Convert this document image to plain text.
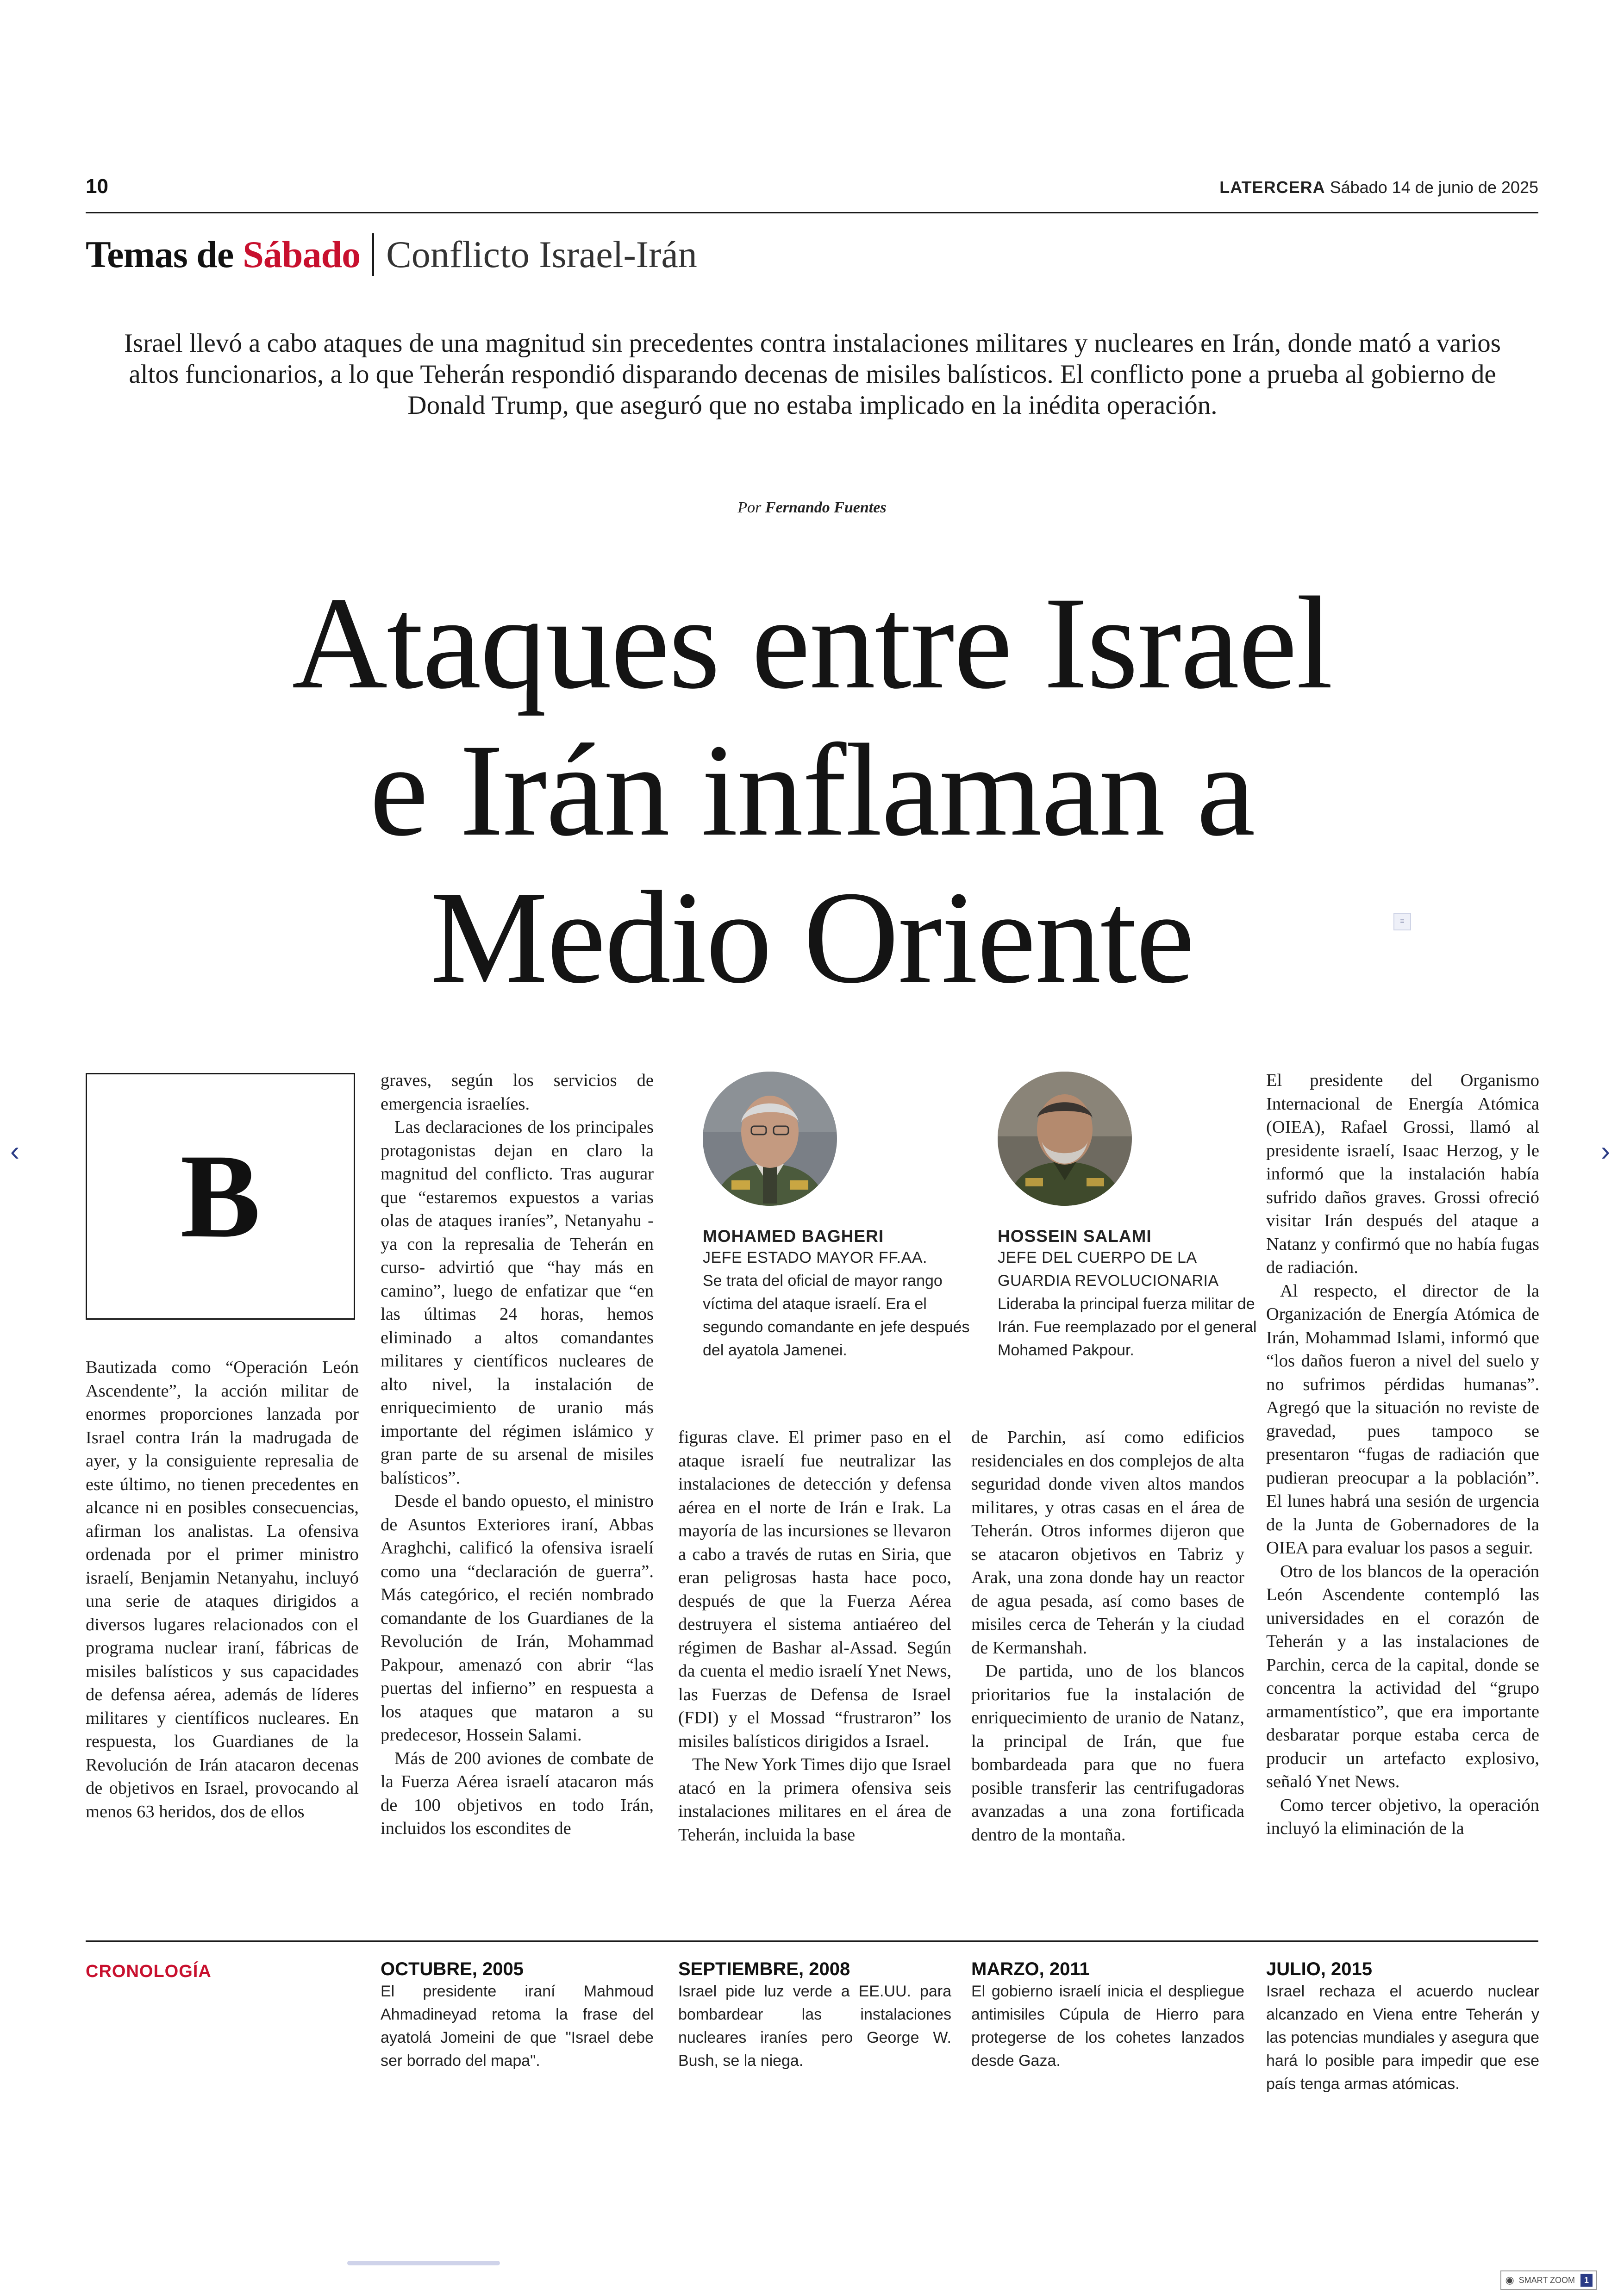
10	LATERCERA Sábado 14 de junio de 2025
Temas de Sábado Conflicto Israel-Irán
Israel llevó a cabo ataques de una magnitud sin precedentes contra instalaciones militares y nucleares en Irán, donde mató a varios altos funcionarios, a lo que Teherán respondió disparando decenas de misiles balísticos. El conflicto pone a prueba al gobierno de Donald Trump, que aseguró que no estaba implicado en la inédita operación.
Por Fernando Fuentes
Ataques entre Israel
e Irán inflaman a
Medio Oriente	≡
‹	›
B

Bautizada como “Operación León Ascendente”, la acción militar de enormes proporciones lanzada por Israel contra Irán la madrugada de ayer, y la consiguiente represalia de este último, no tienen precedentes en alcance ni en posibles consecuencias, afirman los analistas. La ofensiva ordenada por el primer ministro israelí, Benjamin Netanyahu, incluyó una serie de ataques dirigidos a diversos lugares relacionados con el programa nuclear iraní, fábricas de misiles balísticos y sus capacidades de defensa aérea, además de líderes militares y científicos nucleares. En respuesta, los Guardianes de la Revolución de Irán atacaron decenas de objetivos en Israel, provocando al menos 63 heridos, dos de ellos

graves, según los servicios de emergencia israelíes.

Las declaraciones de los principales protagonistas dejan en claro la magnitud del conflicto. Tras augurar que “estaremos expuestos a varias olas de ataques iraníes”, Netanyahu -ya con la represalia de Teherán en curso- advirtió que “hay más en camino”, luego de enfatizar que “en las últimas 24 horas, hemos eliminado a altos comandantes militares y científicos nucleares de alto nivel, la instalación de enriquecimiento de uranio más importante del régimen islámico y gran parte de su arsenal de misiles balísticos”.

Desde el bando opuesto, el ministro de Asuntos Exteriores iraní, Abbas Araghchi, calificó la ofensiva israelí como una “declaración de guerra”. Más categórico, el recién nombrado comandante de los Guardianes de la Revolución de Irán, Mohammad Pakpour, amenazó con abrir “las puertas del infierno” en respuesta a los ataques que mataron a su predecesor, Hossein Salami.

Más de 200 aviones de combate de la Fuerza Aérea israelí atacaron más de 100 objetivos en todo Irán, incluidos los escondites de

MOHAMED BAGHERI
JEFE ESTADO MAYOR FF.AA.
Se trata del oficial de mayor rango víctima del ataque israelí. Era el segundo comandante en jefe después del ayatola Jamenei.
HOSSEIN SALAMI
JEFE DEL CUERPO DE LA GUARDIA REVOLUCIONARIA
Lideraba la principal fuerza militar de Irán. Fue reemplazado por el general Mohamed Pakpour.

figuras clave. El primer paso en el ataque israelí fue neutralizar las instalaciones de detección y defensa aérea en el norte de Irán e Irak. La mayoría de las incursiones se llevaron a cabo a través de rutas en Siria, que eran peligrosas hasta hace poco, después de que la Fuerza Aérea destruyera el sistema antiaéreo del régimen de Bashar al-Assad. Según da cuenta el medio israelí Ynet News, las Fuerzas de Defensa de Israel (FDI) y el Mossad “frustraron” los misiles balísticos dirigidos a Israel.

The New York Times dijo que Israel atacó en la primera ofensiva seis instalaciones militares en el área de Teherán, incluida la base

de Parchin, así como edificios residenciales en dos complejos de alta seguridad donde viven altos mandos militares, y otras casas en el área de Teherán. Otros informes dijeron que se atacaron objetivos en Tabriz y Arak, una zona donde hay un reactor de agua pesada, así como bases de misiles cerca de Teherán y la ciudad de Kermanshah.

De partida, uno de los blancos prioritarios fue la instalación de enriquecimiento de uranio de Natanz, la principal de Irán, que fue bombardeada para que no fuera posible transferir las centrifugadoras avanzadas a una zona fortificada dentro de la montaña.

El presidente del Organismo Internacional de Energía Atómica (OIEA), Rafael Grossi, llamó al presidente israelí, Isaac Herzog, y le informó que la instalación había sufrido daños graves. Grossi ofreció visitar Irán después del ataque a Natanz y confirmó que no había fugas de radiación.

Al respecto, el director de la Organización de Energía Atómica de Irán, Mohammad Islami, informó que “los daños fueron a nivel del suelo y no sufrimos pérdidas humanas”. Agregó que la situación no reviste de gravedad, pues tampoco se presentaron “fugas de radiación que pudieran preocupar a la población”. El lunes habrá una sesión de urgencia de la Junta de Gobernadores de la OIEA para evaluar los pasos a seguir.

Otro de los blancos de la operación León Ascendente contempló las universidades en el corazón de Teherán y a las instalaciones de Parchin, cerca de la capital, donde se concentra la actividad del “grupo armamentístico”, que era importante desbaratar porque estaba cerca de producir un artefacto explosivo, señaló Ynet News.

Como tercer objetivo, la operación incluyó la eliminación de la

CRONOLOGÍA	OCTUBRE, 2005
El presidente iraní Mahmoud Ahmadineyad retoma la frase del ayatolá Jomeini de que "Israel debe ser borrado del mapa".
SEPTIEMBRE, 2008
Israel pide luz verde a EE.UU. para bombardear las instalaciones nucleares iraníes pero George W. Bush, se la niega.
MARZO, 2011
El gobierno israelí inicia el despliegue antimisiles Cúpula de Hierro para protegerse de los cohetes lanzados desde Gaza.
JULIO, 2015
Israel rechaza el acuerdo nuclear alcanzado en Viena entre Teherán y las potencias mundiales y asegura que hará lo posible para impedir que ese país tenga armas atómicas.
◉ SMART ZOOM	1
